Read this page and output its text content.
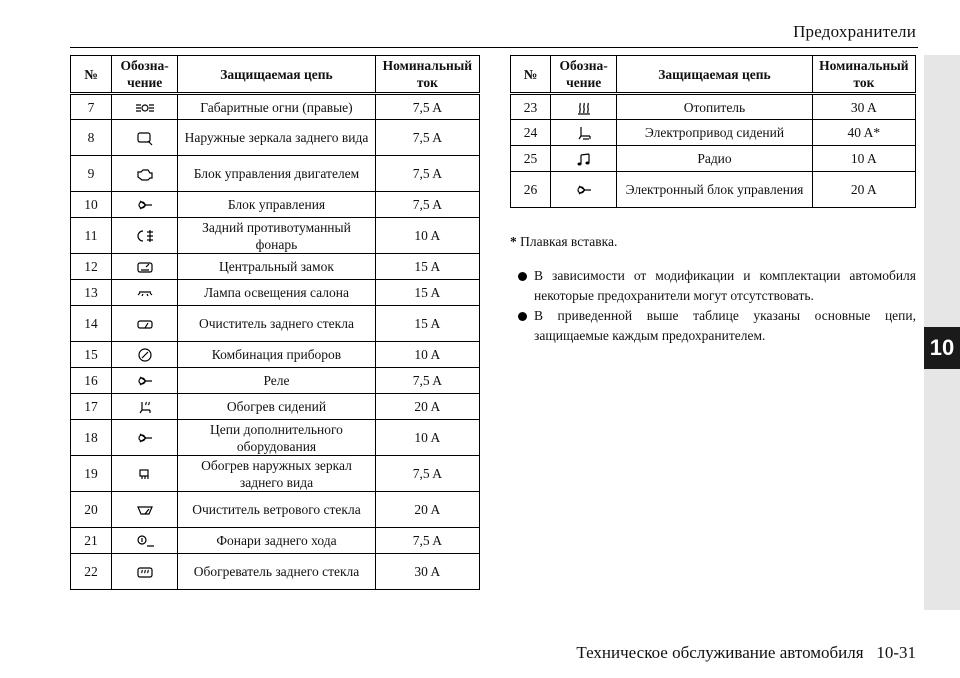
Предохранители
10
№	Обозна-
чение	Защищаемая цепь	Номинальный
ток
7		Габаритные огни (правые)	7,5 A
8		Наружные зеркала заднего вида	7,5 A
9		Блок управления двигателем	7,5 A
10		Блок управления	7,5 A
11		Задний противотуманный фонарь	10 A
12		Центральный замок	15 A
13		Лампа освещения салона	15 A
14		Очиститель заднего стекла	15 A
15		Комбинация приборов	10 A
16		Реле	7,5 A
17		Обогрев сидений	20 A
18		Цепи дополнительного оборудования	10 A
19		Обогрев наружных зеркал заднего вида	7,5 A
20		Очиститель ветрового стекла	20 A
21		Фонари заднего хода	7,5 A
22		Обогреватель заднего стекла	30 A
№	Обозна-
чение	Защищаемая цепь	Номинальный
ток
23		Отопитель	30 A
24		Электропривод сидений	40 A*
25		Радио	10 A
26		Электронный блок управления	20 A
* Плавкая вставка.
В зависимости от модификации и комплектации автомобиля некоторые предохранители могут отсутствовать.
В приведенной выше таблице указаны основные цепи, защищаемые каждым предохранителем.
Техническое обслуживание автомобиля 10-31
